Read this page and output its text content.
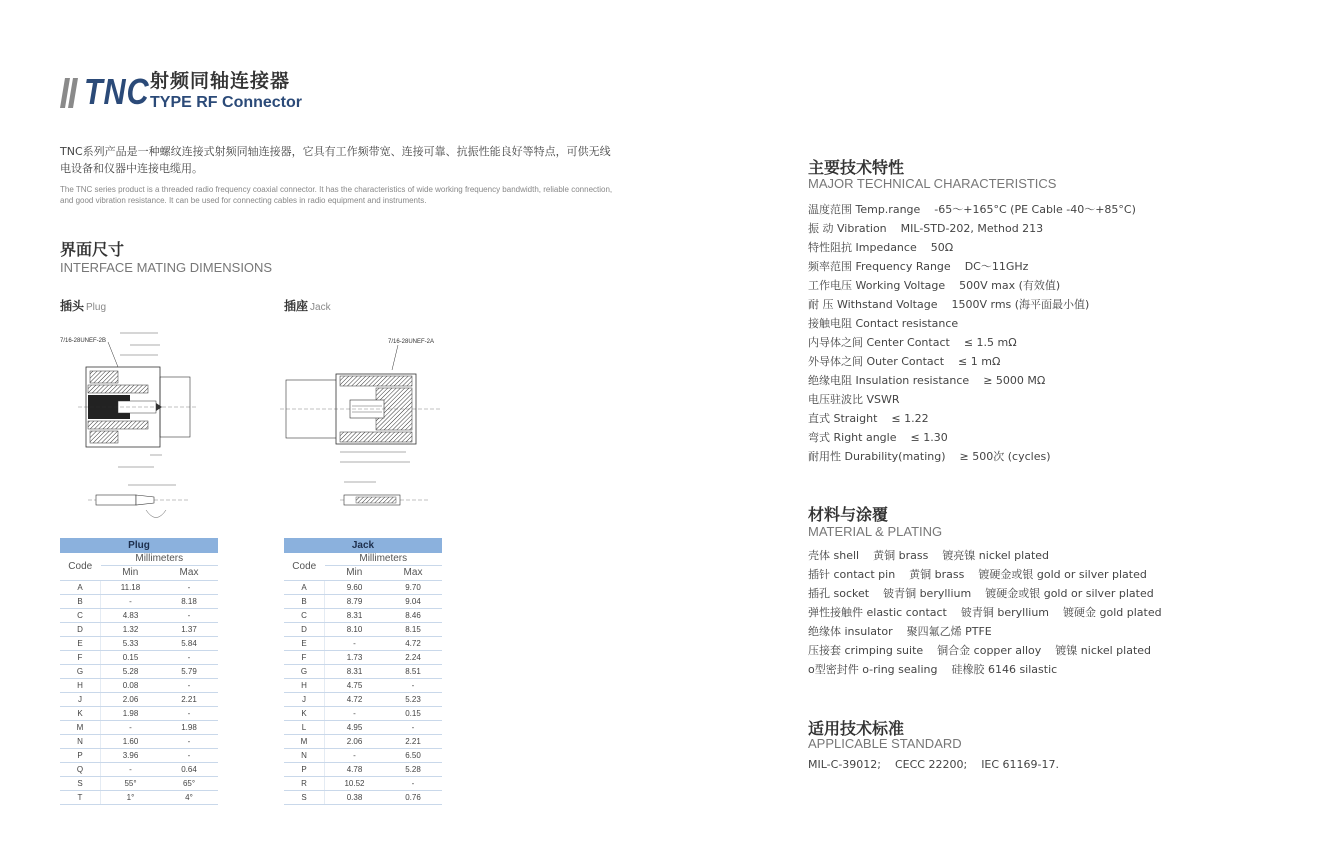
TNC 射频同轴连接器
TYPE RF Connector
TNC系列产品是一种螺纹连接式射频同轴连接器，它具有工作频带宽、连接可靠、抗振性能良好等特点，可供无线电设备和仪器中连接电缆用。
The TNC series product is a threaded radio frequency coaxial connector. It has the characteristics of wide working frequency bandwidth, reliable connection, and good vibration resistance. It can be used for connecting cables in radio equipment and instruments.
界面尺寸
INTERFACE MATING DIMENSIONS
插头 Plug	插座 Jack
7/16-28UNEF-2B	7/16-28UNEF-2A
Plug		
Code	Millimeters	
	Min	Max
A	11.18	-
B	-	8.18
C	4.83	-
D	1.32	1.37
E	5.33	5.84
F	0.15	-
G	5.28	5.79
H	0.08	-
J	2.06	2.21
K	1.98	-
M	-	1.98
N	1.60	-
P	3.96	-
Q	-	0.64
S	55°	65°
T	1°	4°
Jack		
Code	Millimeters	
	Min	Max
A	9.60	9.70
B	8.79	9.04
C	8.31	8.46
D	8.10	8.15
E	-	4.72
F	1.73	2.24
G	8.31	8.51
H	4.75	-
J	4.72	5.23
K	-	0.15
L	4.95	-
M	2.06	2.21
N	-	6.50
P	4.78	5.28
R	10.52	-
S	0.38	0.76
主要技术特性
MAJOR TECHNICAL CHARACTERISTICS
温度范围 Temp.range -65～+165°C (PE Cable -40～+85°C)
振 动 Vibration MIL-STD-202, Method 213
特性阻抗 Impedance 50Ω
频率范围 Frequency Range DC～11GHz
工作电压 Working Voltage 500V max (有效值)
耐 压 Withstand Voltage 1500V rms (海平面最小值)
接触电阻 Contact resistance
内导体之间 Center Contact ≤ 1.5 mΩ
外导体之间 Outer Contact ≤ 1 mΩ
绝缘电阻 Insulation resistance ≥ 5000 MΩ
电压驻波比 VSWR
直式 Straight ≤ 1.22
弯式 Right angle ≤ 1.30
耐用性 Durability(mating) ≥ 500次 (cycles)
材料与涂覆
MATERIAL & PLATING
壳体 shell 黄铜 brass 镀亮镍 nickel plated
插针 contact pin 黄铜 brass 镀硬金或银 gold or silver plated
插孔 socket 铍青铜 beryllium 镀硬金或银 gold or silver plated
弹性接触件 elastic contact 铍青铜 beryllium 镀硬金 gold plated
绝缘体 insulator 聚四氟乙烯 PTFE
压接套 crimping suite 铜合金 copper alloy 镀镍 nickel plated
o型密封件 o-ring sealing 硅橡胶 6146 silastic
适用技术标准
APPLICABLE STANDARD
MIL-C-39012; CECC 22200; IEC 61169-17.
